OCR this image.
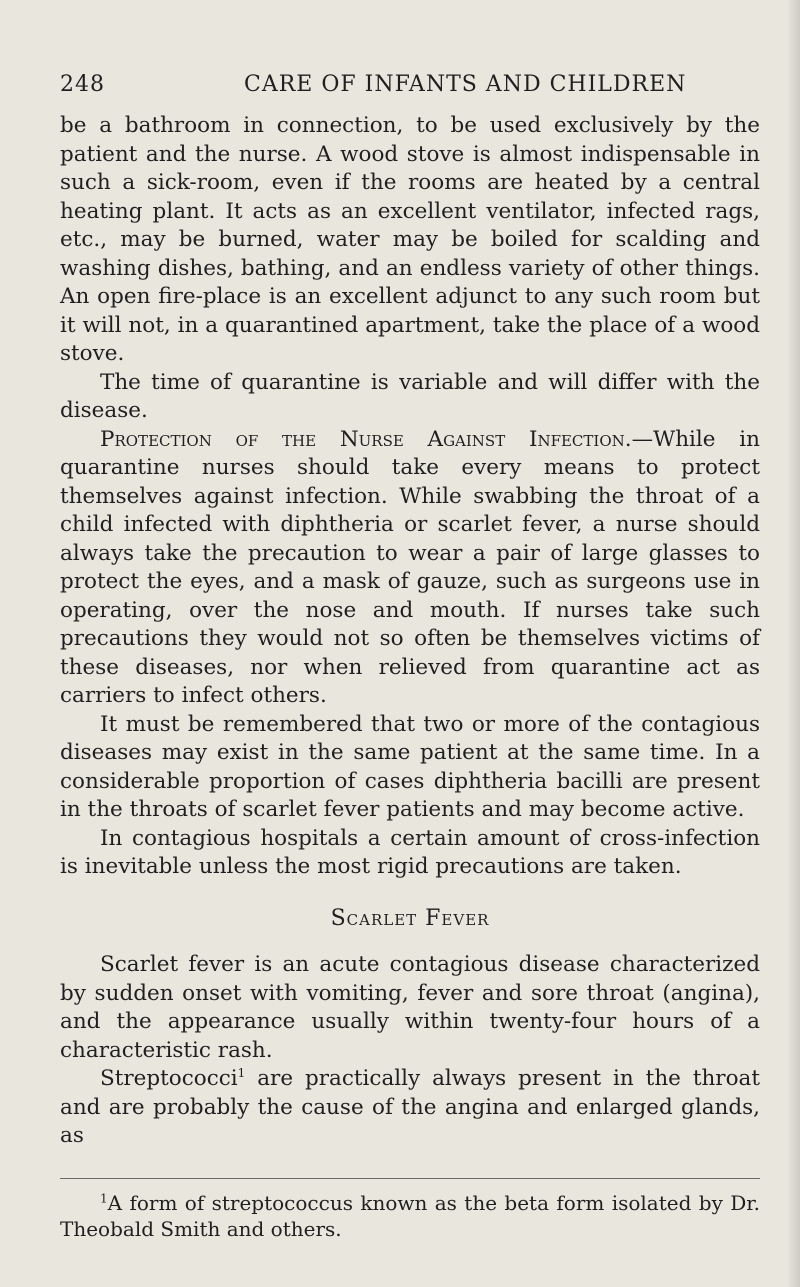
248	CARE OF INFANTS AND CHILDREN

be a bathroom in connection, to be used exclusively by the patient and the nurse. A wood stove is almost indispensable in such a sick-room, even if the rooms are heated by a central heating plant. It acts as an excellent ventilator, infected rags, etc., may be burned, water may be boiled for scalding and washing dishes, bathing, and an endless variety of other things. An open fire-place is an excellent adjunct to any such room but it will not, in a quarantined apartment, take the place of a wood stove.

The time of quarantine is variable and will differ with the disease.

Protection of the Nurse Against Infection.—While in quarantine nurses should take every means to protect themselves against infection. While swabbing the throat of a child infected with diphtheria or scarlet fever, a nurse should always take the precaution to wear a pair of large glasses to protect the eyes, and a mask of gauze, such as surgeons use in operating, over the nose and mouth. If nurses take such precautions they would not so often be themselves victims of these diseases, nor when relieved from quarantine act as carriers to infect others.

It must be remembered that two or more of the contagious diseases may exist in the same patient at the same time. In a considerable proportion of cases diphtheria bacilli are present in the throats of scarlet fever patients and may become active.

In contagious hospitals a certain amount of cross-infection is inevitable unless the most rigid precautions are taken.

Scarlet Fever

Scarlet fever is an acute contagious disease characterized by sudden onset with vomiting, fever and sore throat (angina), and the appearance usually within twenty-four hours of a characteristic rash.

Streptococci$^1$ are practically always present in the throat and are probably the cause of the angina and enlarged glands, as

$^1$A form of streptococcus known as the beta form isolated by Dr. Theobald Smith and others.
